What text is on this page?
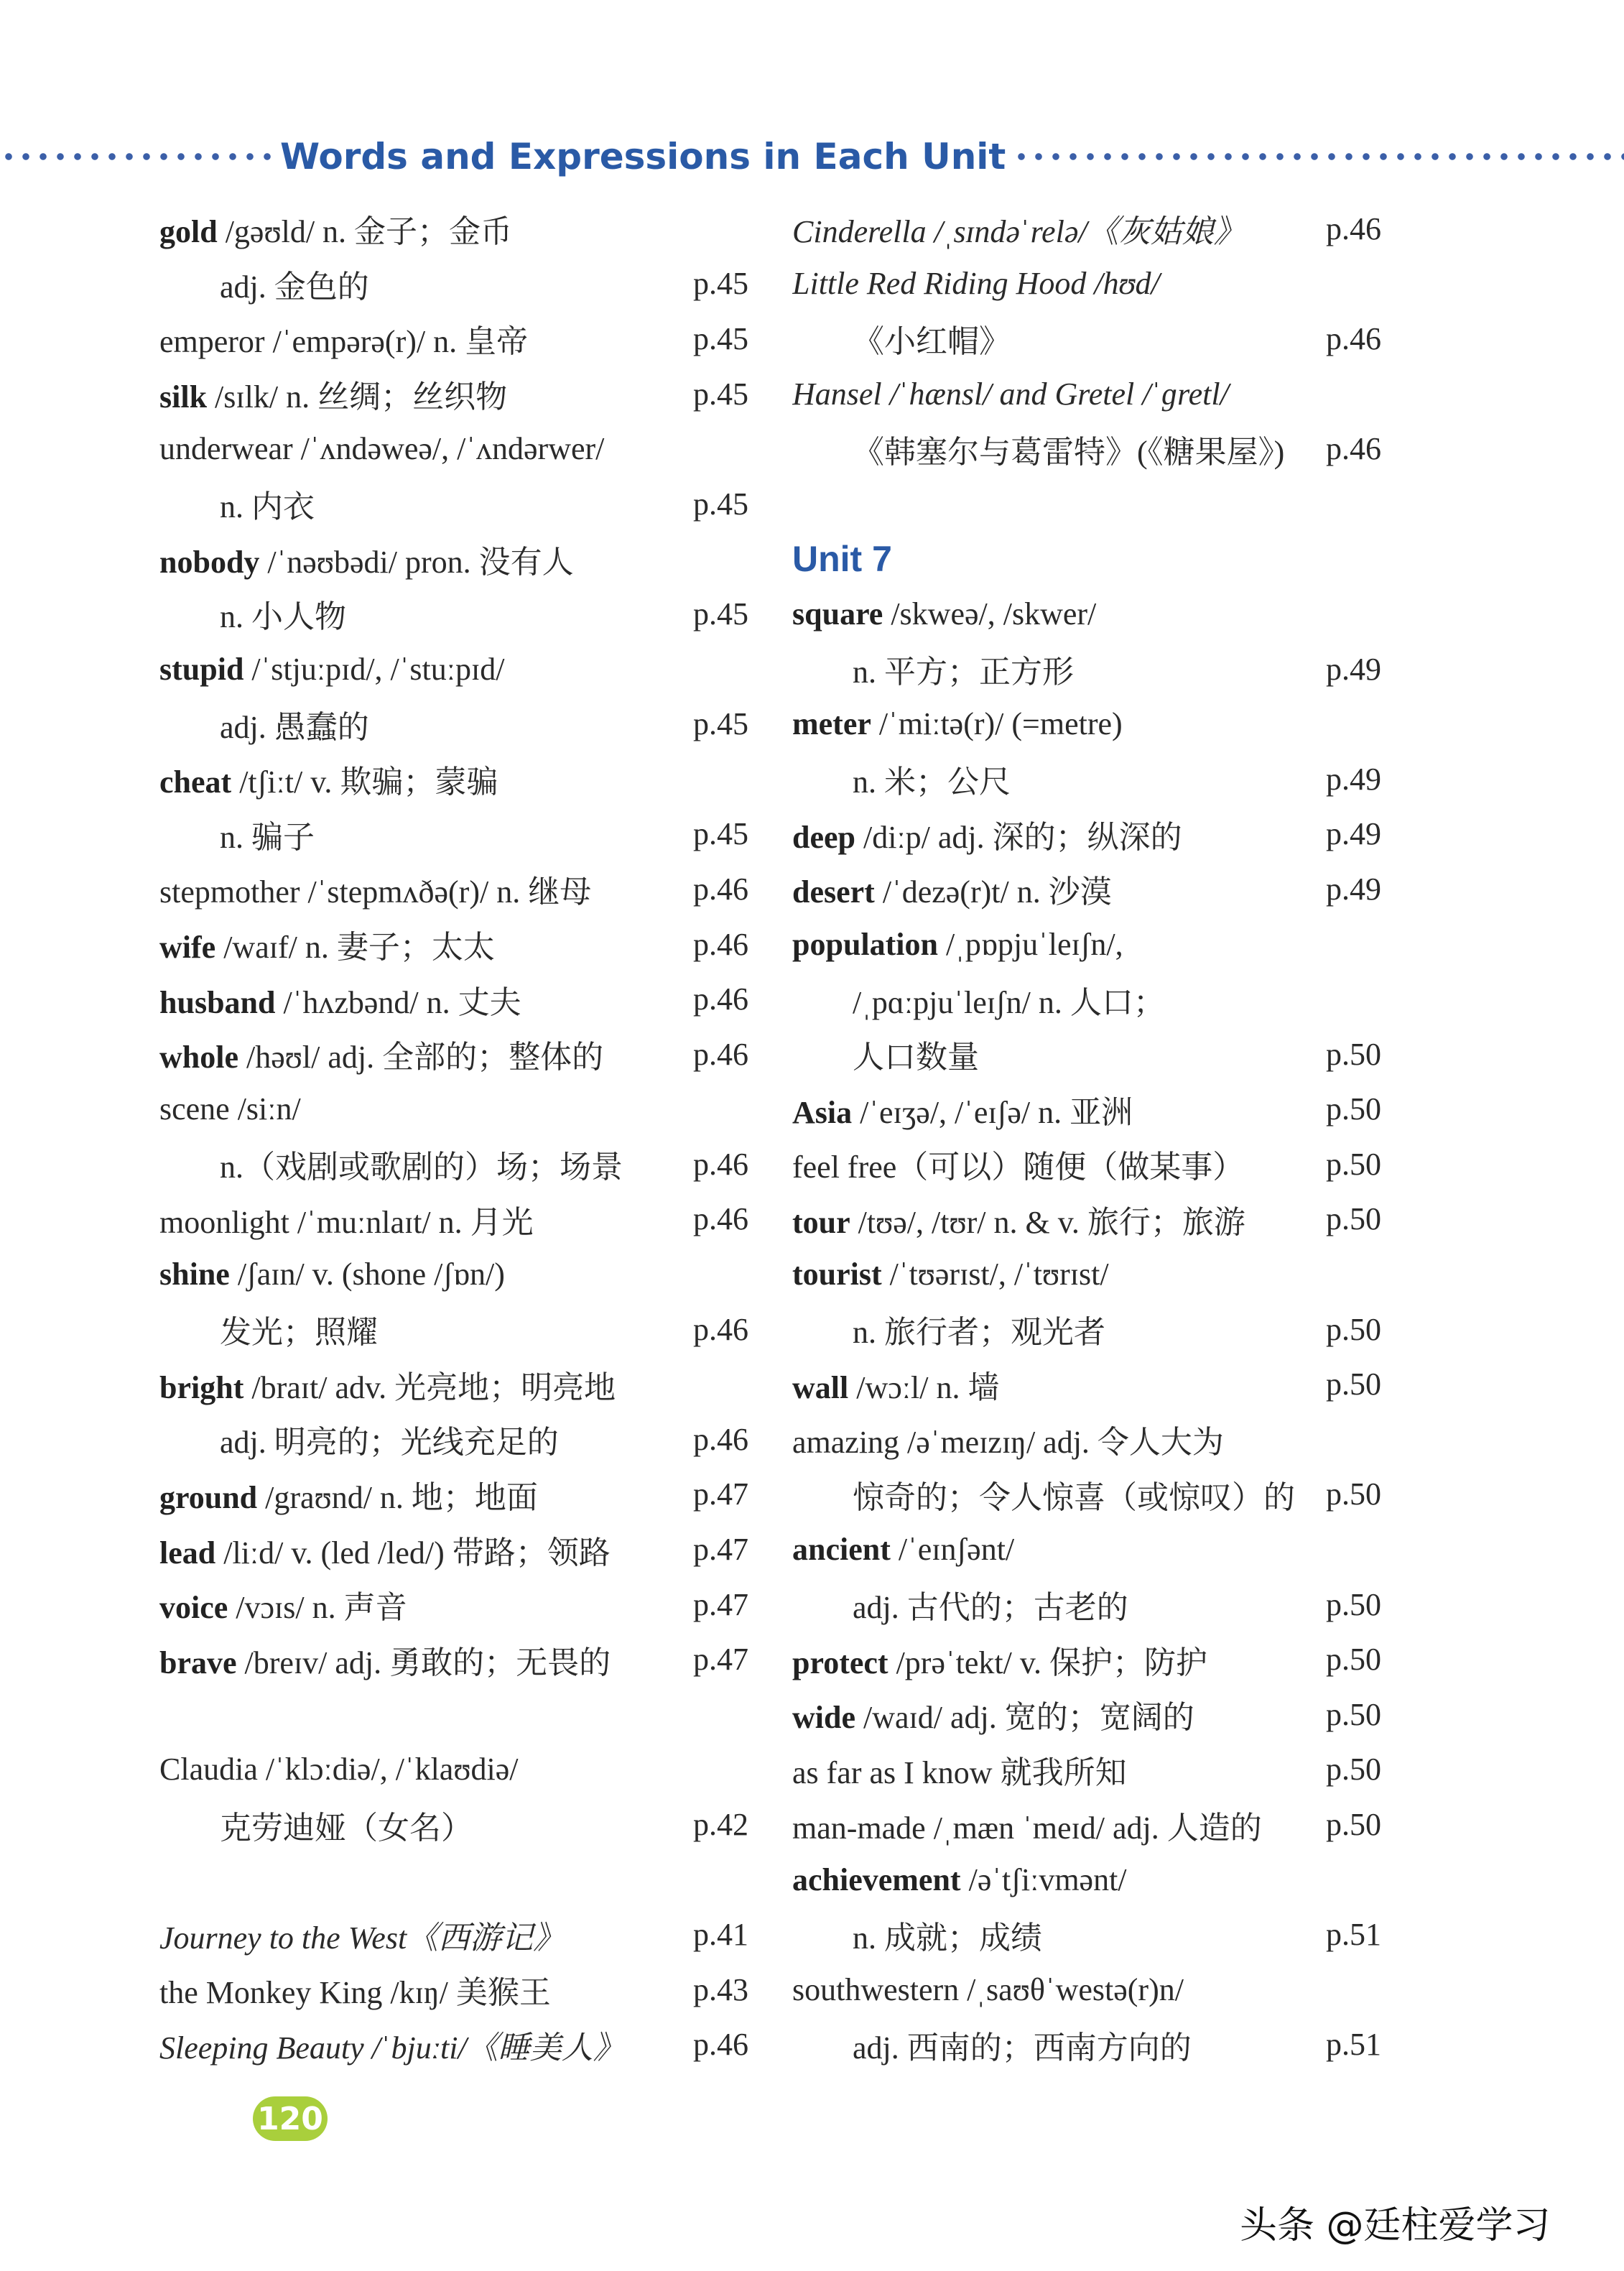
Words and Expressions in Each Unit
gold /gəʊld/ n. 金子；金币
adj. 金色的	p.45
emperor /ˈempərə(r)/ n. 皇帝	p.45
silk /sɪlk/ n. 丝绸；丝织物	p.45
underwear /ˈʌndəweə/, /ˈʌndərwer/
n. 内衣	p.45
nobody /ˈnəʊbədi/ pron. 没有人
n. 小人物	p.45
stupid /ˈstjuːpɪd/, /ˈstuːpɪd/
adj. 愚蠢的	p.45
cheat /tʃiːt/ v. 欺骗；蒙骗
n. 骗子	p.45
stepmother /ˈstepmʌðə(r)/ n. 继母	p.46
wife /waɪf/ n. 妻子；太太	p.46
husband /ˈhʌzbənd/ n. 丈夫	p.46
whole /həʊl/ adj. 全部的；整体的	p.46
scene /siːn/
n.（戏剧或歌剧的）场；场景	p.46
moonlight /ˈmuːnlaɪt/ n. 月光	p.46
shine /ʃaɪn/ v. (shone /ʃɒn/)
发光；照耀	p.46
bright /braɪt/ adv. 光亮地；明亮地
adj. 明亮的；光线充足的	p.46
ground /graʊnd/ n. 地；地面	p.47
lead /liːd/ v. (led /led/) 带路；领路	p.47
voice /vɔɪs/ n. 声音	p.47
brave /breɪv/ adj. 勇敢的；无畏的	p.47
Claudia /ˈklɔːdiə/, /ˈklaʊdiə/
克劳迪娅（女名）	p.42
Journey to the West《西游记》	p.41
the Monkey King /kɪŋ/ 美猴王	p.43
Sleeping Beauty /ˈbjuːti/《睡美人》	p.46
Cinderella /ˌsɪndəˈrelə/《灰姑娘》	p.46
Little Red Riding Hood /hʊd/
《小红帽》	p.46
Hansel /ˈhænsl/ and Gretel /ˈɡretl/
《韩塞尔与葛雷特》(《糖果屋》)	p.46
Unit 7
square /skweə/, /skwer/
n. 平方；正方形	p.49
meter /ˈmiːtə(r)/ (=metre)
n. 米；公尺	p.49
deep /diːp/ adj. 深的；纵深的	p.49
desert /ˈdezə(r)t/ n. 沙漠	p.49
population /ˌpɒpjuˈleɪʃn/,
/ˌpɑːpjuˈleɪʃn/ n. 人口；
人口数量	p.50
Asia /ˈeɪʒə/, /ˈeɪʃə/ n. 亚洲	p.50
feel free（可以）随便（做某事）	p.50
tour /tʊə/, /tʊr/ n. & v. 旅行；旅游	p.50
tourist /ˈtʊərɪst/, /ˈtʊrɪst/
n. 旅行者；观光者	p.50
wall /wɔːl/ n. 墙	p.50
amazing /əˈmeɪzɪŋ/ adj. 令人大为
惊奇的；令人惊喜（或惊叹）的 p.50
ancient /ˈeɪnʃənt/
adj. 古代的；古老的	p.50
protect /prəˈtekt/ v. 保护；防护	p.50
wide /waɪd/ adj. 宽的；宽阔的	p.50
as far as I know 就我所知	p.50
man-made /ˌmæn ˈmeɪd/ adj. 人造的	p.50
achievement /əˈtʃiːvmənt/
n. 成就；成绩	p.51
southwestern /ˌsaʊθˈwestə(r)n/
adj. 西南的；西南方向的	p.51
120
头条 @廷柱爱学习
